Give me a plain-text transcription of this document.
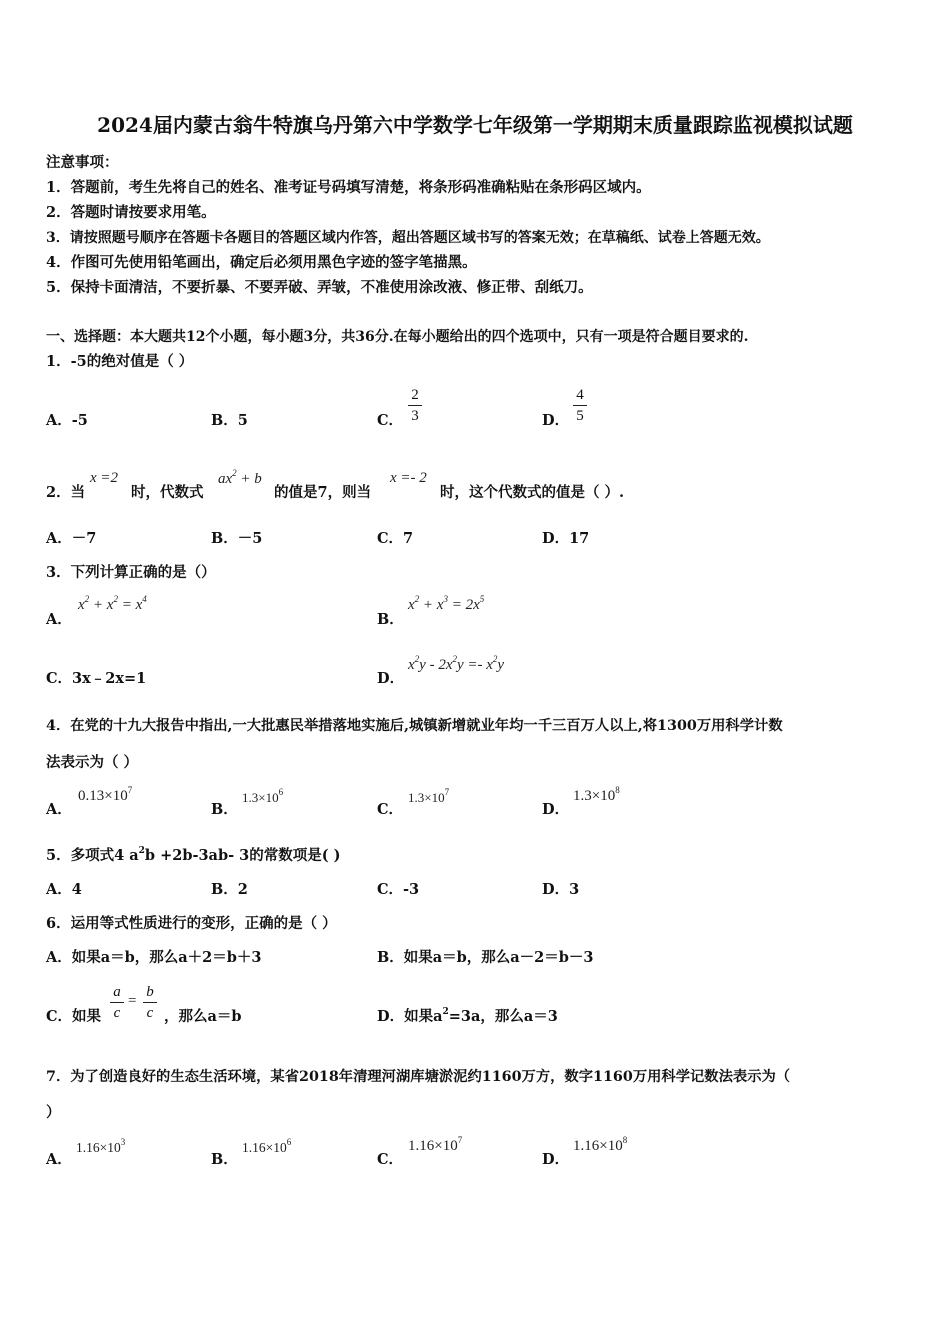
2024届内蒙古翁牛特旗乌丹第六中学数学七年级第一学期期末质量跟踪监视模拟试题
注意事项：
1．答题前，考生先将自己的姓名、准考证号码填写清楚，将条形码准确粘贴在条形码区域内。
2．答题时请按要求用笔。
3．请按照题号顺序在答题卡各题目的答题区域内作答，超出答题区域书写的答案无效；在草稿纸、试卷上答题无效。
4．作图可先使用铅笔画出，确定后必须用黑色字迹的签字笔描黑。
5．保持卡面清洁，不要折暴、不要弄破、弄皱，不准使用涂改液、修正带、刮纸刀。
一、选择题：本大题共12个小题，每小题3分，共36分.在每小题给出的四个选项中，只有一项是符合题目要求的.
1．-5的绝对值是（ ）
A．-5	B．5	C．
2
3	D．
4
5
2．当
x =2
时，代数式
$ax^2 + b$
的值是7，则当
x =- 2
时，这个代数式的值是（ ）.
A．－7	B．－5	C．7	D．17
3．下列计算正确的是（）
A．
$x^2 + x^2 = x^4$
B．
$x^2 + x^3 = 2x^5$
C．3x﹣2x=1	D．
$x^2y - 2x^2y =- x^2y$
4．在党的十九大报告中指出,一大批惠民举措落地实施后,城镇新增就业年均一千三百万人以上,将1300万用科学计数
法表示为（ ）
A．
$0.13\times 10^7$
B．
$1.3\times 10^6$
C．
$1.3\times 10^7$
D．
$1.3\times 10^8$
5．多项式4 $a^2b +2b-3ab-$ 3的常数项是( )
A．4	B．2	C．-3	D．3
6．运用等式性质进行的变形，正确的是（ ）
A．如果a＝b，那么a＋2＝b＋3	B．如果a＝b，那么a－2＝b－3
C．如果
a
c
=
b
c ，那么a＝b	D．如果$a^2=3a$，那么a＝3
7．为了创造良好的生态生活环境，某省2018年清理河湖库塘淤泥约1160万方，数字1160万用科学记数法表示为（
）
A．
$1.16\times 10^3$
B．
$1.16\times 10^6$
C．
$1.16\times 10^7$
D．
$1.16\times 10^8$
